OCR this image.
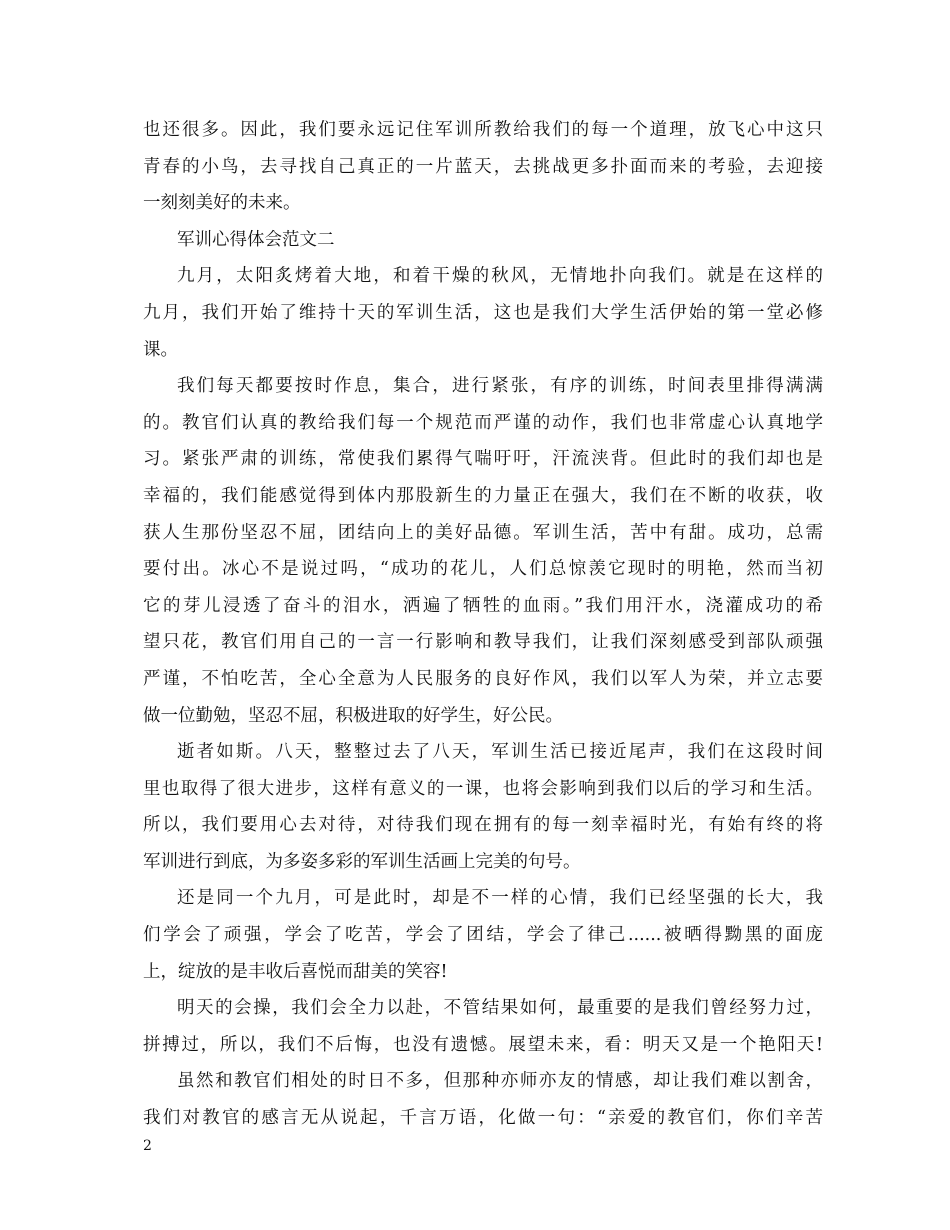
也还很多。因此，我们要永远记住军训所教给我们的每一个道理，放飞心中这只
青春的小鸟，去寻找自己真正的一片蓝天，去挑战更多扑面而来的考验，去迎接
一刻刻美好的未来。
军训心得体会范文二
九月，太阳炙烤着大地，和着干燥的秋风，无情地扑向我们。就是在这样的
九月，我们开始了维持十天的军训生活，这也是我们大学生活伊始的第一堂必修
课。
我们每天都要按时作息，集合，进行紧张，有序的训练，时间表里排得满满
的。教官们认真的教给我们每一个规范而严谨的动作，我们也非常虚心认真地学
习。紧张严肃的训练，常使我们累得气喘吁吁，汗流浃背。但此时的我们却也是
幸福的，我们能感觉得到体内那股新生的力量正在强大，我们在不断的收获，收
获人生那份坚忍不屈，团结向上的美好品德。军训生活，苦中有甜。成功，总需
要付出。冰心不是说过吗，“成功的花儿，人们总惊羡它现时的明艳，然而当初
它的芽儿浸透了奋斗的泪水，洒遍了牺牲的血雨。”我们用汗水，浇灌成功的希
望只花，教官们用自己的一言一行影响和教导我们，让我们深刻感受到部队顽强
严谨，不怕吃苦，全心全意为人民服务的良好作风，我们以军人为荣，并立志要
做一位勤勉，坚忍不屈，积极进取的好学生，好公民。
逝者如斯。八天，整整过去了八天，军训生活已接近尾声，我们在这段时间
里也取得了很大进步，这样有意义的一课，也将会影响到我们以后的学习和生活。
所以，我们要用心去对待，对待我们现在拥有的每一刻幸福时光，有始有终的将
军训进行到底，为多姿多彩的军训生活画上完美的句号。
还是同一个九月，可是此时，却是不一样的心情，我们已经坚强的长大，我
们学会了顽强，学会了吃苦，学会了团结，学会了律己......被晒得黝黑的面庞
上，绽放的是丰收后喜悦而甜美的笑容!
明天的会操，我们会全力以赴，不管结果如何，最重要的是我们曾经努力过，
拼搏过，所以，我们不后悔，也没有遗憾。展望未来，看：明天又是一个艳阳天!
虽然和教官们相处的时日不多，但那种亦师亦友的情感，却让我们难以割舍，
我们对教官的感言无从说起，千言万语，化做一句：“亲爱的教官们，你们辛苦
2
